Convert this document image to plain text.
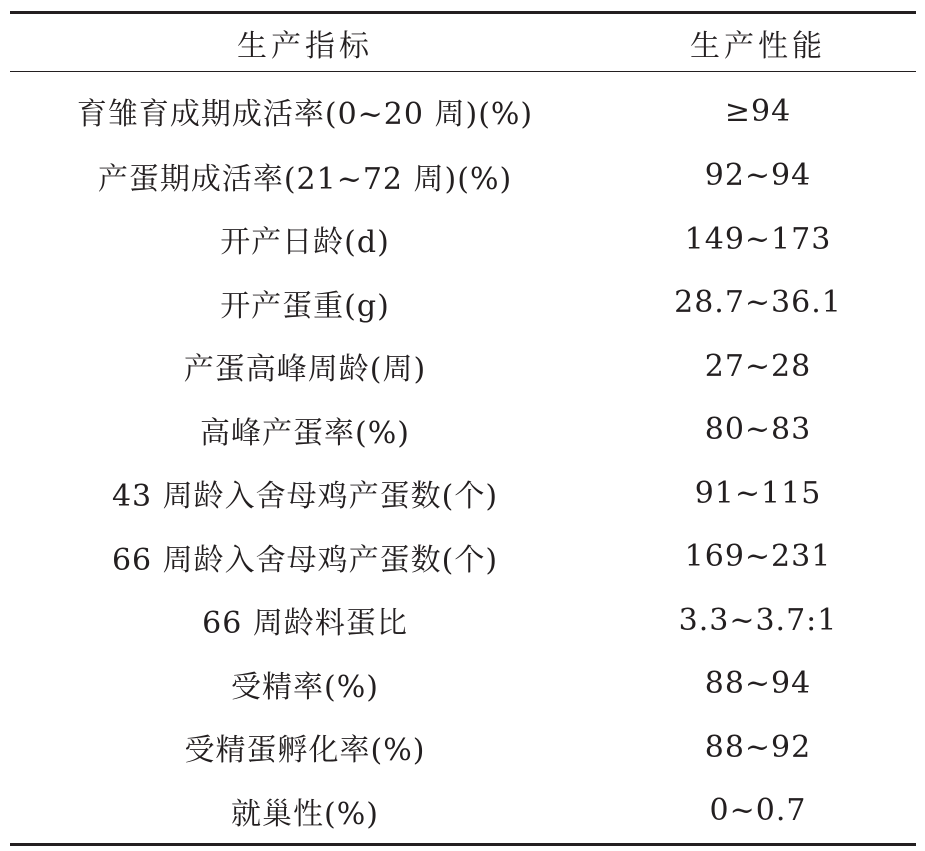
生产指标	生产性能
育雏育成期成活率(0~20 周)(%)	≥94
产蛋期成活率(21~72 周)(%)	92~94
开产日龄(d)	149~173
开产蛋重(g)	28.7~36.1
产蛋高峰周龄(周)	27~28
高峰产蛋率(%)	80~83
43 周龄入舍母鸡产蛋数(个)	91~115
66 周龄入舍母鸡产蛋数(个)	169~231
66 周龄料蛋比	3.3~3.7:1
受精率(%)	88~94
受精蛋孵化率(%)	88~92
就巢性(%)	0~0.7
